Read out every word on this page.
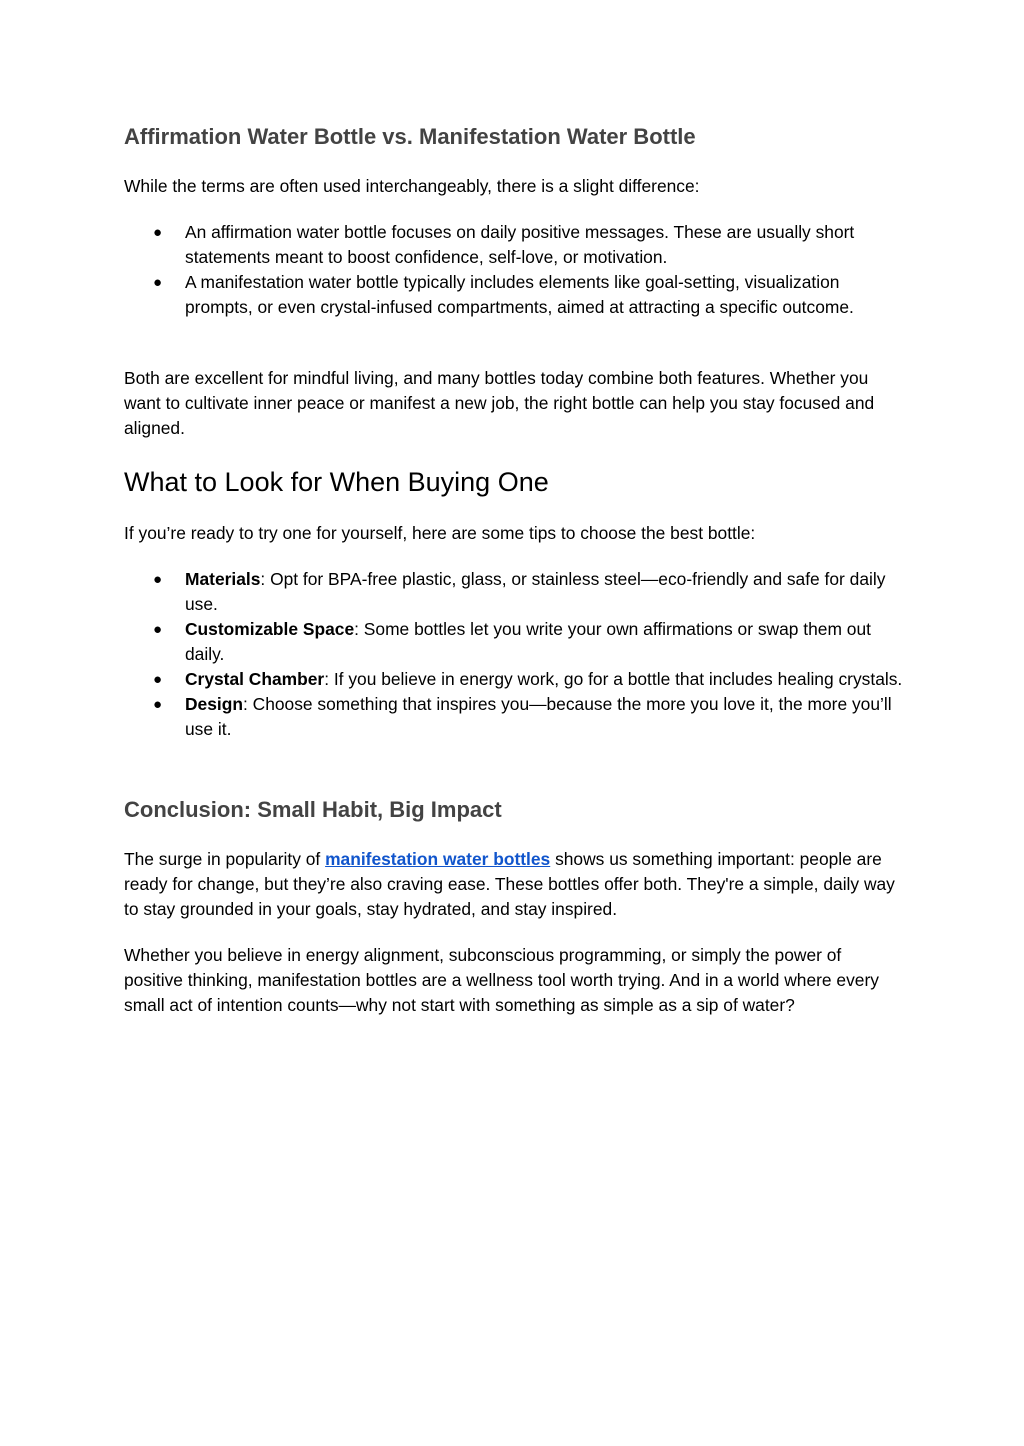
Affirmation Water Bottle vs. Manifestation Water Bottle

While the terms are often used interchangeably, there is a slight difference:

● An affirmation water bottle focuses on daily positive messages. These are usually short statements meant to boost confidence, self-love, or motivation.
● A manifestation water bottle typically includes elements like goal-setting, visualization prompts, or even crystal-infused compartments, aimed at attracting a specific outcome.

Both are excellent for mindful living, and many bottles today combine both features. Whether you want to cultivate inner peace or manifest a new job, the right bottle can help you stay focused and aligned.

What to Look for When Buying One

If you’re ready to try one for yourself, here are some tips to choose the best bottle:

● Materials: Opt for BPA-free plastic, glass, or stainless steel—eco-friendly and safe for daily use.
● Customizable Space: Some bottles let you write your own affirmations or swap them out daily.
● Crystal Chamber: If you believe in energy work, go for a bottle that includes healing crystals.
● Design: Choose something that inspires you—because the more you love it, the more you’ll use it.
Conclusion: Small Habit, Big Impact

The surge in popularity of manifestation water bottles shows us something important: people are ready for change, but they’re also craving ease. These bottles offer both. They're a simple, daily way to stay grounded in your goals, stay hydrated, and stay inspired.

Whether you believe in energy alignment, subconscious programming, or simply the power of positive thinking, manifestation bottles are a wellness tool worth trying. And in a world where every small act of intention counts—why not start with something as simple as a sip of water?
